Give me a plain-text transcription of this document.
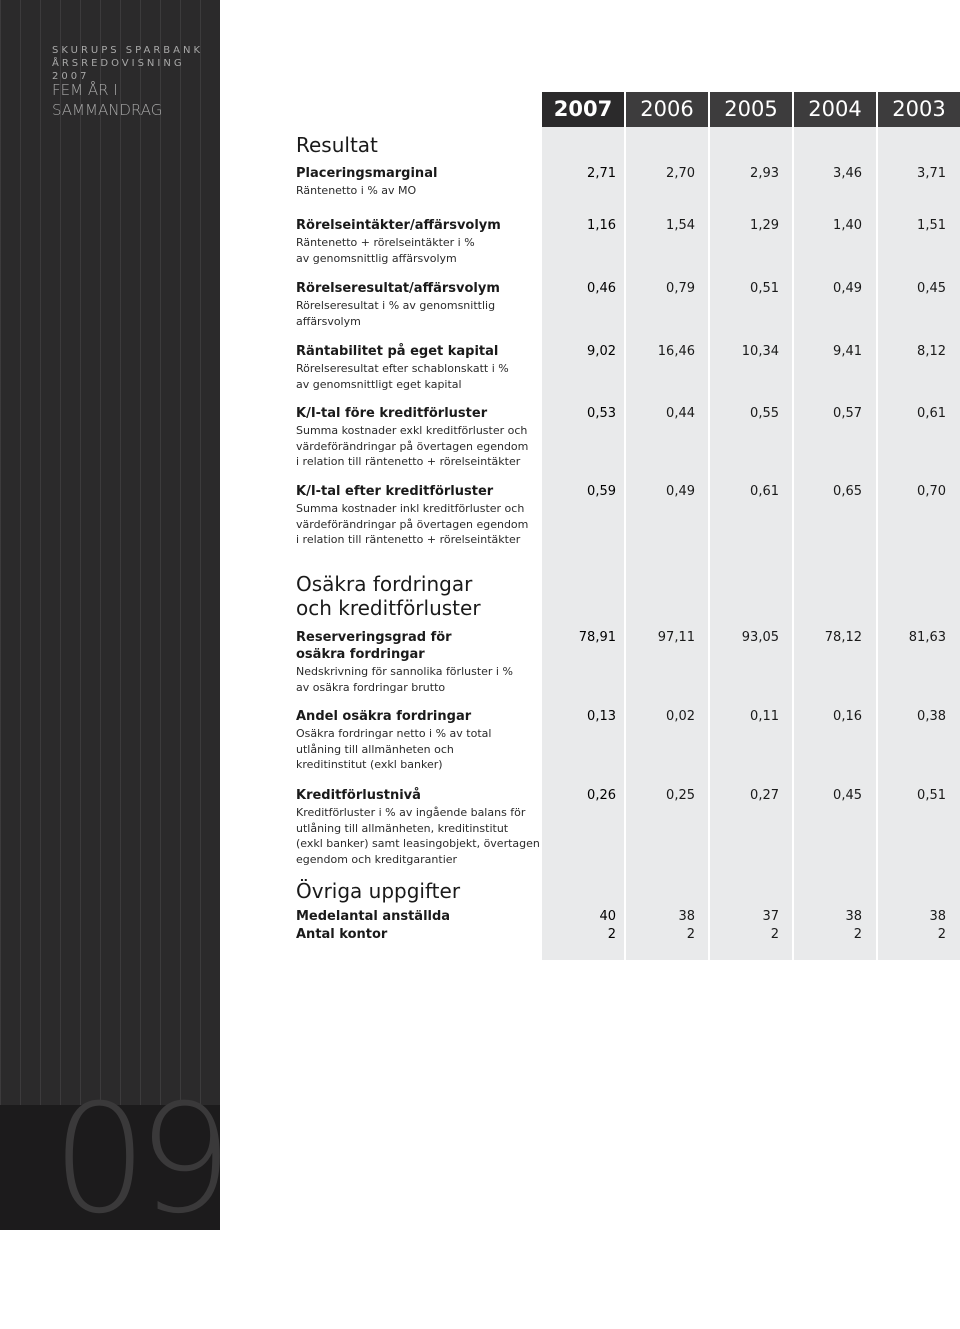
SKURUPS SPARBANK
ÅRSREDOVISNING 2007
FEM ÅR I
SAMMANDRAG
09
2007	2006	2005	2004	2003
Resultat
Osäkra fordringar
och kreditförluster
Övriga uppgifter
Placeringsmarginal
Räntenetto i % av MO
2,71	2,70	2,93	3,46	3,71
Rörelseintäkter/affärsvolym
Räntenetto + rörelseintäkter i %
av genomsnittlig affärsvolym
1,16	1,54	1,29	1,40	1,51
Rörelseresultat/affärsvolym
Rörelseresultat i % av genomsnittlig
affärsvolym
0,46	0,79	0,51	0,49	0,45
Räntabilitet på eget kapital
Rörelseresultat efter schablonskatt i %
av genomsnittligt eget kapital
9,02	16,46	10,34	9,41	8,12
K/I-tal före kreditförluster
Summa kostnader exkl kreditförluster och
värdeförändringar på övertagen egendom
i relation till räntenetto + rörelseintäkter
0,53	0,44	0,55	0,57	0,61
K/I-tal efter kreditförluster
Summa kostnader inkl kreditförluster och
värdeförändringar på övertagen egendom
i relation till räntenetto + rörelseintäkter
0,59	0,49	0,61	0,65	0,70
Reserveringsgrad för
osäkra fordringar
Nedskrivning för sannolika förluster i %
av osäkra fordringar brutto
78,91	97,11	93,05	78,12	81,63
Andel osäkra fordringar
Osäkra fordringar netto i % av total
utlåning till allmänheten och
kreditinstitut (exkl banker)
0,13	0,02	0,11	0,16	0,38
Kreditförlustnivå
Kreditförluster i % av ingående balans för
utlåning till allmänheten, kreditinstitut
(exkl banker) samt leasingobjekt, övertagen
egendom och kreditgarantier
0,26	0,25	0,27	0,45	0,51
Medelantal anställda	40	38	37	38	38
Antal kontor	2	2	2	2	2
